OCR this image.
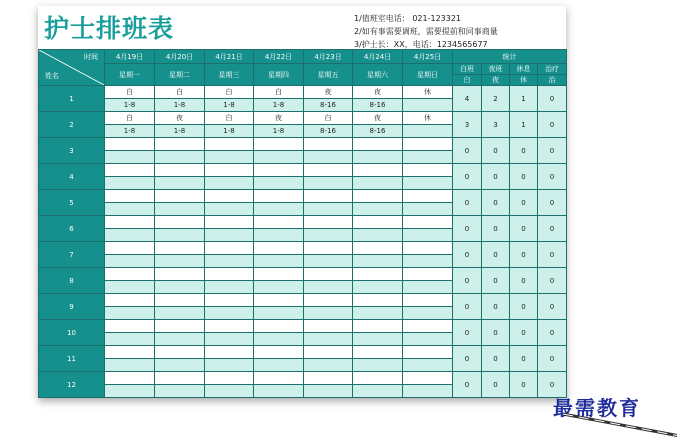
护士排班表	1/值班室电话： 021-123321
2/如有事需要调班，需要提前和同事商量
3/护士长：XX，电话：1234565677
时间
姓名	4月19日	4月20日	4月21日	4月22日	4月23日	4月24日	4月25日	统计			
	星期一	星期二	星期三	星期四	星期五	星期六	星期日	白班	夜班	休息	治疗
								白	夜	休	治
1	白	白	白	白	夜	夜	休	4	2	1	0
	1-8	1-8	1-8	1-8	8-16	8-16					
2	白	夜	白	夜	白	夜	休	3	3	1	0
	1-8	1-8	1-8	1-8	8-16	8-16					
3								0	0	0	0

4								0	0	0	0

5								0	0	0	0

6								0	0	0	0

7								0	0	0	0

8								0	0	0	0

9								0	0	0	0

10								0	0	0	0

11								0	0	0	0

12								0	0	0	0

最需教育
